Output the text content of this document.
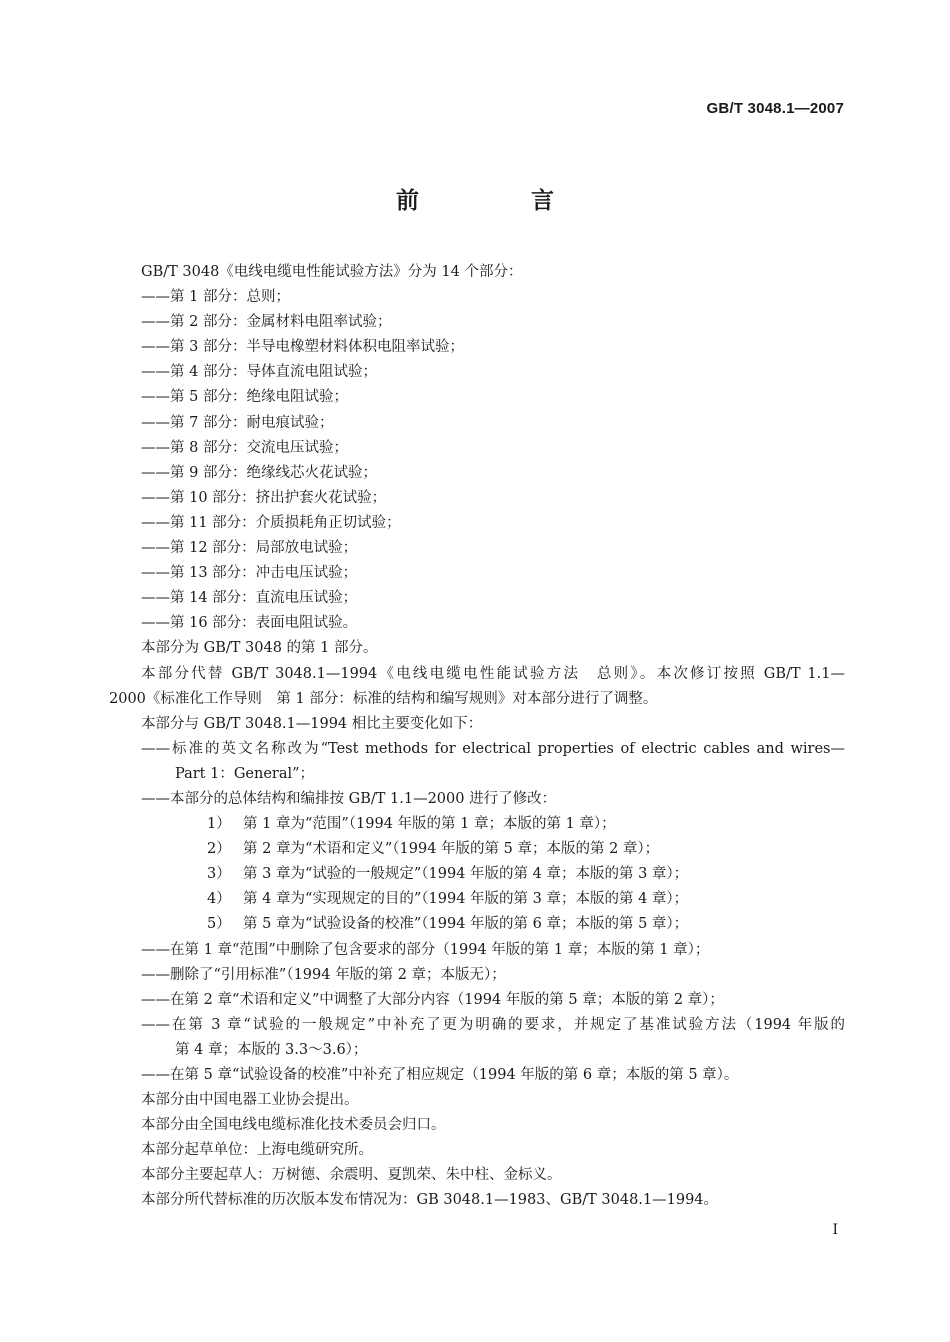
GB/T 3048.1—2007
前 言
GB/T 3048《电线电缆电性能试验方法》分为 14 个部分：
——第 1 部分：总则；
——第 2 部分：金属材料电阻率试验；
——第 3 部分：半导电橡塑材料体积电阻率试验；
——第 4 部分：导体直流电阻试验；
——第 5 部分：绝缘电阻试验；
——第 7 部分：耐电痕试验；
——第 8 部分：交流电压试验；
——第 9 部分：绝缘线芯火花试验；
——第 10 部分：挤出护套火花试验；
——第 11 部分：介质损耗角正切试验；
——第 12 部分：局部放电试验；
——第 13 部分：冲击电压试验；
——第 14 部分：直流电压试验；
——第 16 部分：表面电阻试验。
本部分为 GB/T 3048 的第 1 部分。
本部分代替 GB/T 3048.1—1994《电线电缆电性能试验方法　总则》。本次修订按照 GB/T 1.1—
2000《标准化工作导则　第 1 部分：标准的结构和编写规则》对本部分进行了调整。
本部分与 GB/T 3048.1—1994 相比主要变化如下：
——标准的英文名称改为“Test methods for electrical properties of electric cables and wires—
Part 1：General”；
——本部分的总体结构和编排按 GB/T 1.1—2000 进行了修改：
1） 第 1 章为“范围”（1994 年版的第 1 章；本版的第 1 章）；
2） 第 2 章为“术语和定义”（1994 年版的第 5 章；本版的第 2 章）；
3） 第 3 章为“试验的一般规定”（1994 年版的第 4 章；本版的第 3 章）；
4） 第 4 章为“实现规定的目的”（1994 年版的第 3 章；本版的第 4 章）；
5） 第 5 章为“试验设备的校准”（1994 年版的第 6 章；本版的第 5 章）；
——在第 1 章“范围”中删除了包含要求的部分（1994 年版的第 1 章；本版的第 1 章）；
——删除了“引用标准”（1994 年版的第 2 章；本版无）；
——在第 2 章“术语和定义”中调整了大部分内容（1994 年版的第 5 章；本版的第 2 章）；
——在第 3 章“试验的一般规定”中补充了更为明确的要求，并规定了基准试验方法（1994 年版的
第 4 章；本版的 3.3～3.6）；
——在第 5 章“试验设备的校准”中补充了相应规定（1994 年版的第 6 章；本版的第 5 章）。
本部分由中国电器工业协会提出。
本部分由全国电线电缆标准化技术委员会归口。
本部分起草单位：上海电缆研究所。
本部分主要起草人：万树德、余震明、夏凯荣、朱中柱、金标义。
本部分所代替标准的历次版本发布情况为：GB 3048.1—1983、GB/T 3048.1—1994。
I
